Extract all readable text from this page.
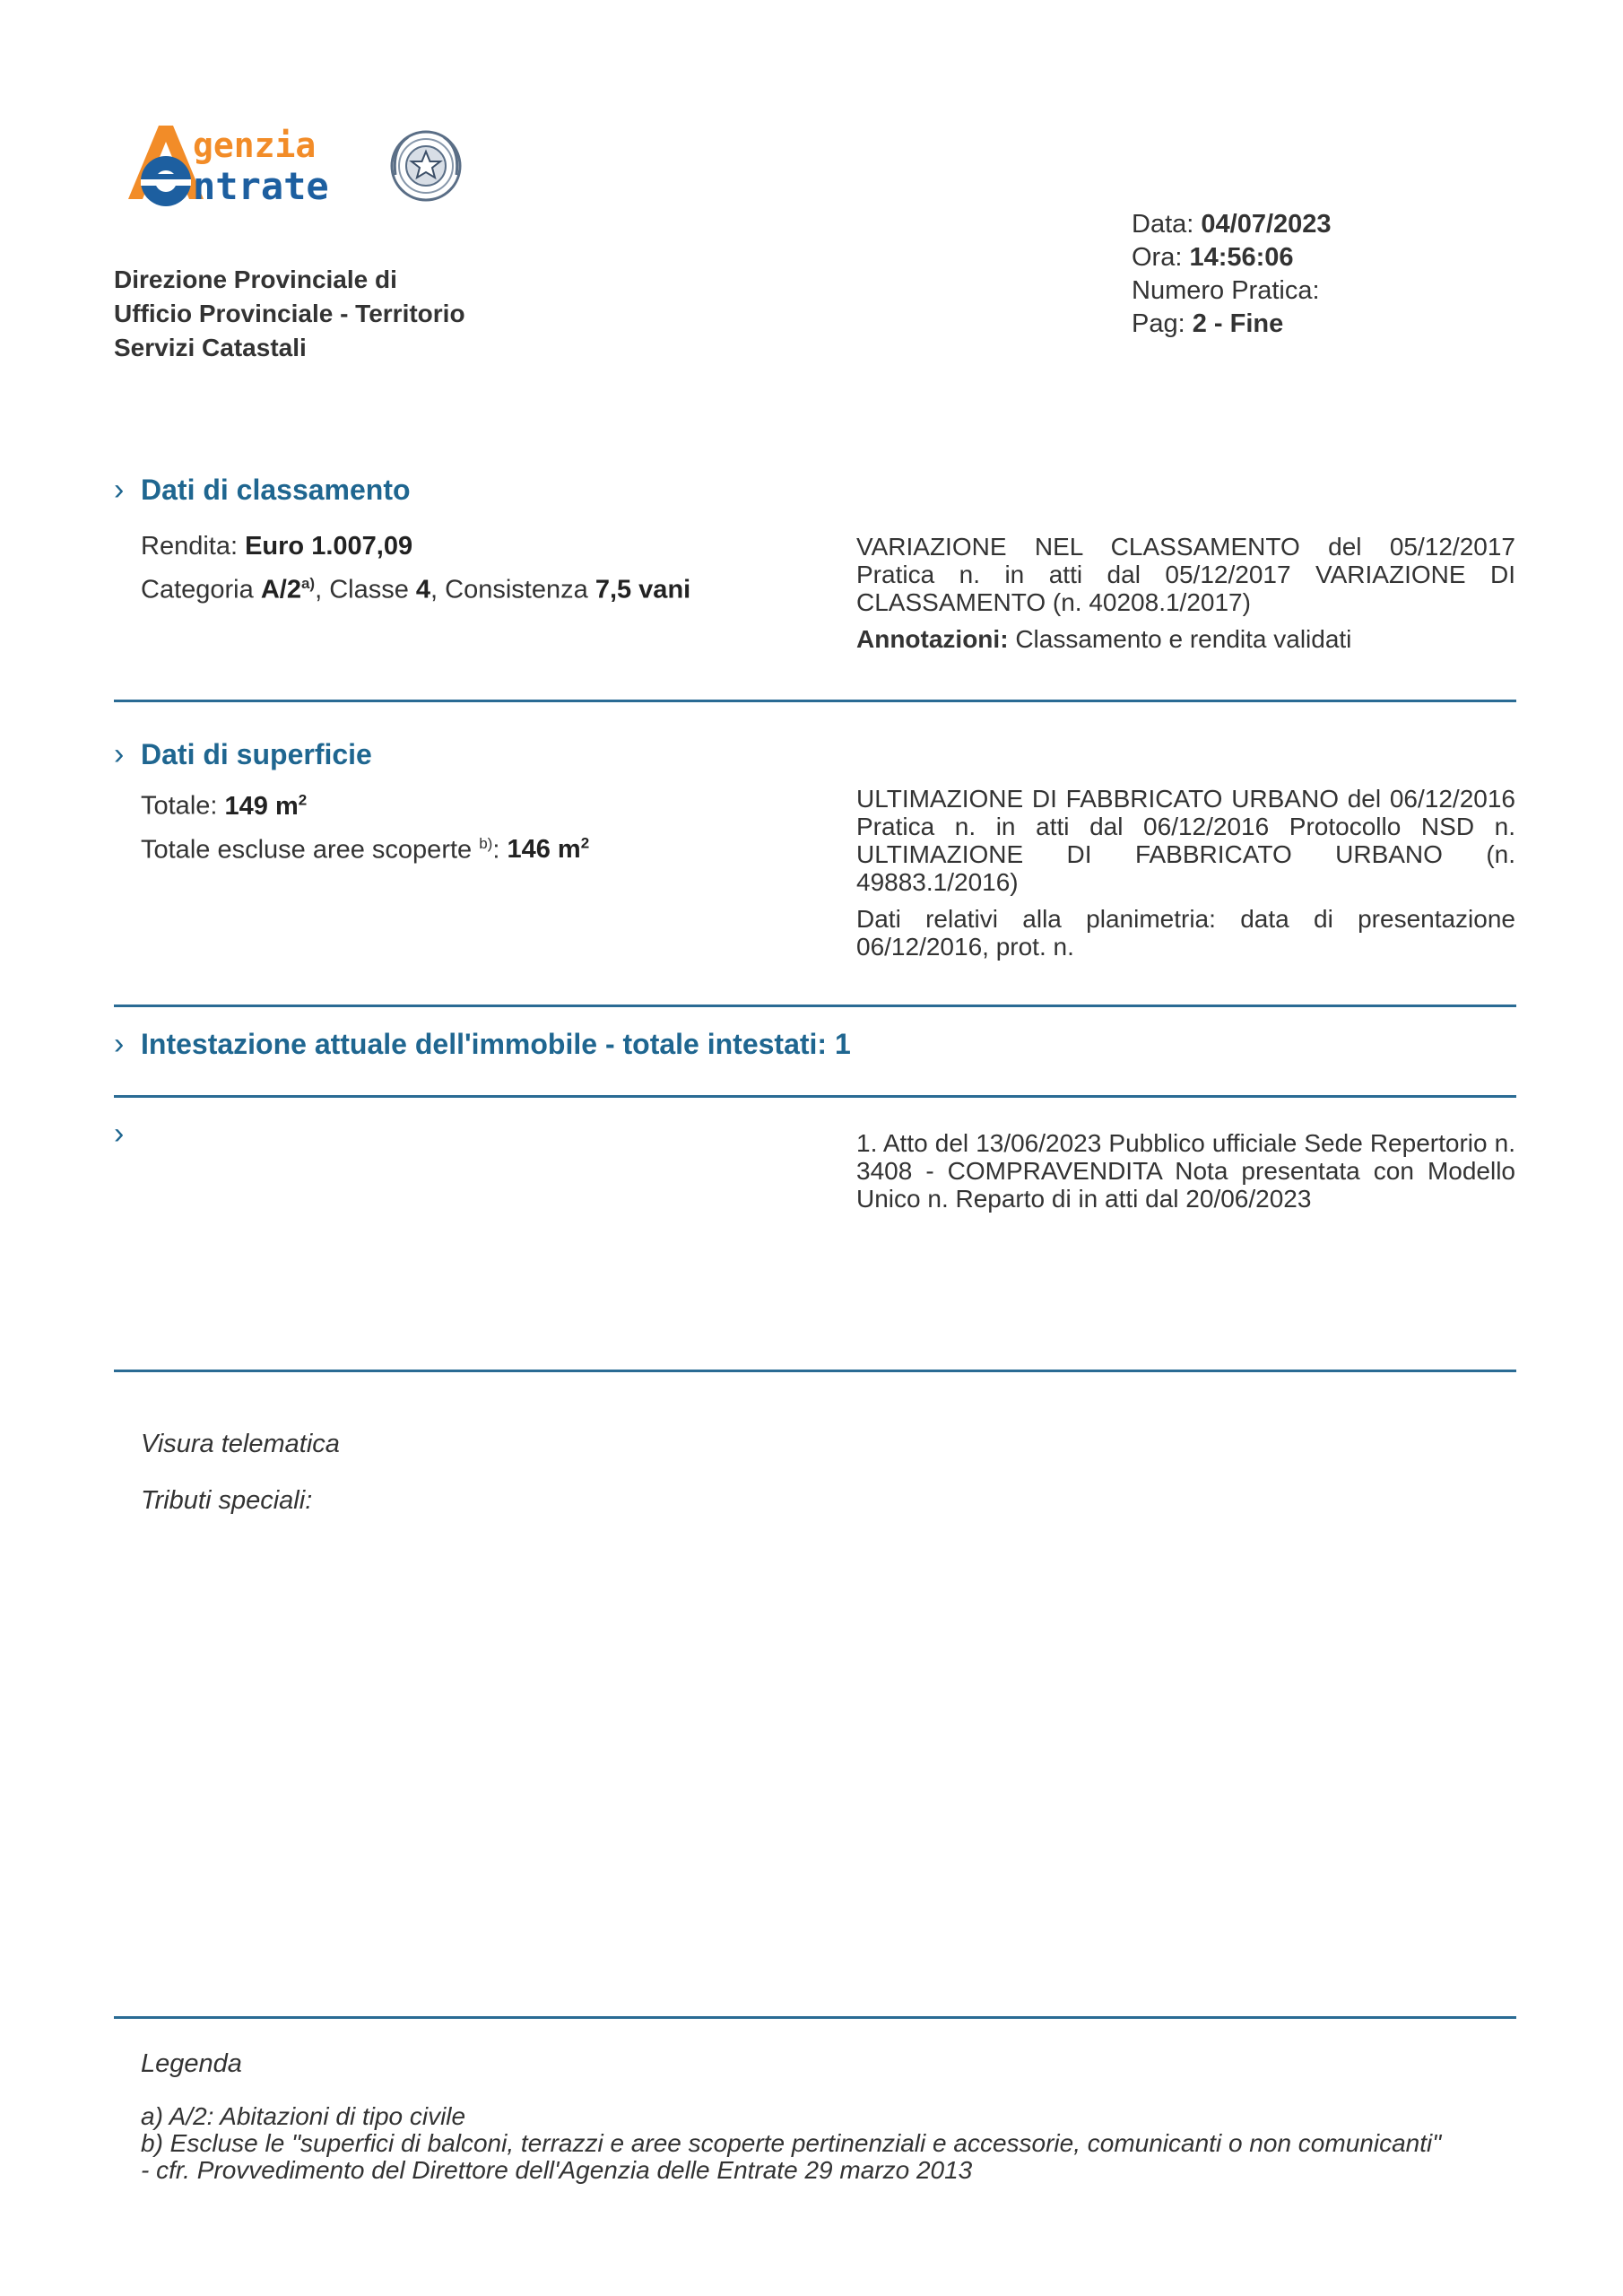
genzia
ntrate
Direzione Provinciale di
Ufficio Provinciale - Territorio
Servizi Catastali
Data: 04/07/2023
Ora: 14:56:06
Numero Pratica:
Pag: 2 - Fine
› Dati di classamento
Rendita: Euro 1.007,09
Categoria A/2$^{a)}$, Classe 4, Consistenza 7,5 vani

VARIAZIONE NEL CLASSAMENTO del 05/12/2017 Pratica n. in atti dal 05/12/2017 VARIAZIONE DI CLASSAMENTO (n. 40208.1/2017)

Annotazioni: Classamento e rendita validati

› Dati di superficie
Totale: 149 $m^2$
Totale escluse aree scoperte $^{b)}$: 146 $m^2$

ULTIMAZIONE DI FABBRICATO URBANO del 06/12/2016 Pratica n. in atti dal 06/12/2016 Protocollo NSD n. ULTIMAZIONE DI FABBRICATO URBANO (n. 49883.1/2016)

Dati relativi alla planimetria: data di presentazione 06/12/2016, prot. n.

› Intestazione attuale dell'immobile - totale intestati: 1
›	1. Atto del 13/06/2023 Pubblico ufficiale Sede Repertorio n. 3408 - COMPRAVENDITA Nota presentata con Modello Unico n. Reparto di in atti dal 20/06/2023

Visura telematica
Tributi speciali:
Legenda
a) A/2: Abitazioni di tipo civile
b) Escluse le "superfici di balconi, terrazzi e aree scoperte pertinenziali e accessorie, comunicanti o non comunicanti"
- cfr. Provvedimento del Direttore dell'Agenzia delle Entrate 29 marzo 2013
